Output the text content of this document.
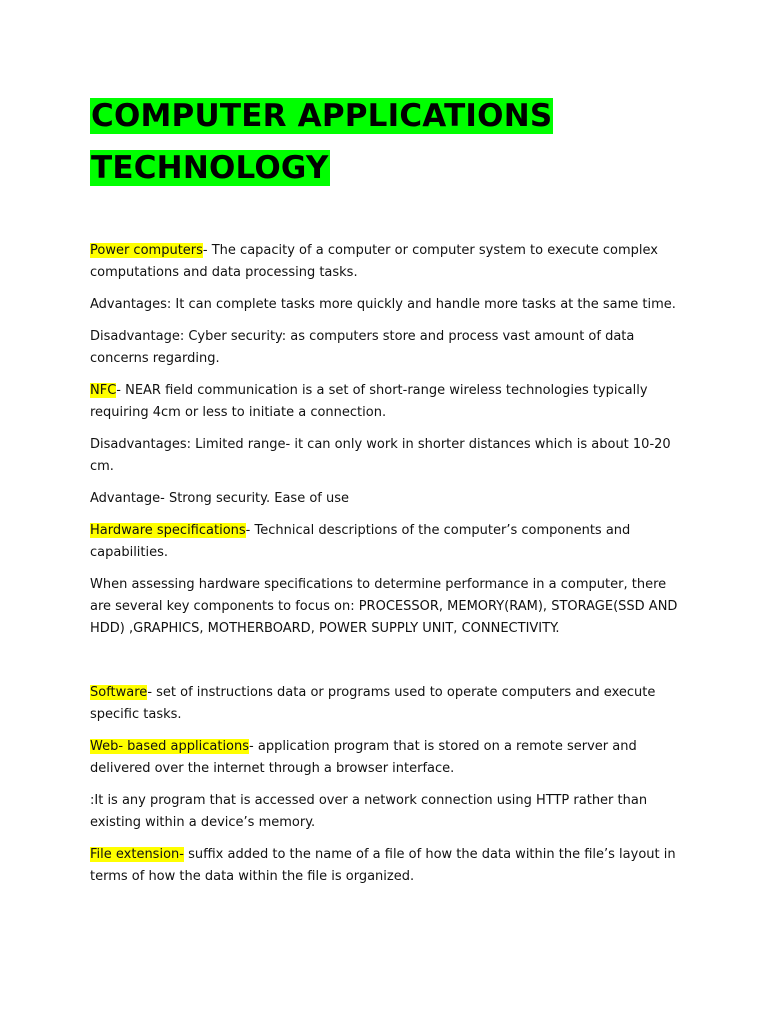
COMPUTER APPLICATIONS TECHNOLOGY

Power computers- The capacity of a computer or computer system to execute complex computations and data processing tasks.

Advantages: It can complete tasks more quickly and handle more tasks at the same time.

Disadvantage: Cyber security: as computers store and process vast amount of data concerns regarding.

NFC- NEAR field communication is a set of short-range wireless technologies typically requiring 4cm or less to initiate a connection.

Disadvantages: Limited range- it can only work in shorter distances which is about 10-20 cm.

Advantage- Strong security. Ease of use

Hardware specifications- Technical descriptions of the computer’s components and capabilities.

When assessing hardware specifications to determine performance in a computer, there are several key components to focus on: PROCESSOR, MEMORY(RAM), STORAGE(SSD AND HDD) ,GRAPHICS, MOTHERBOARD, POWER SUPPLY UNIT, CONNECTIVITY.

Software- set of instructions data or programs used to operate computers and execute specific tasks.

Web- based applications- application program that is stored on a remote server and delivered over the internet through a browser interface.

:It is any program that is accessed over a network connection using HTTP rather than existing within a device’s memory.

File extension- suffix added to the name of a file of how the data within the file’s layout in terms of how the data within the file is organized.
